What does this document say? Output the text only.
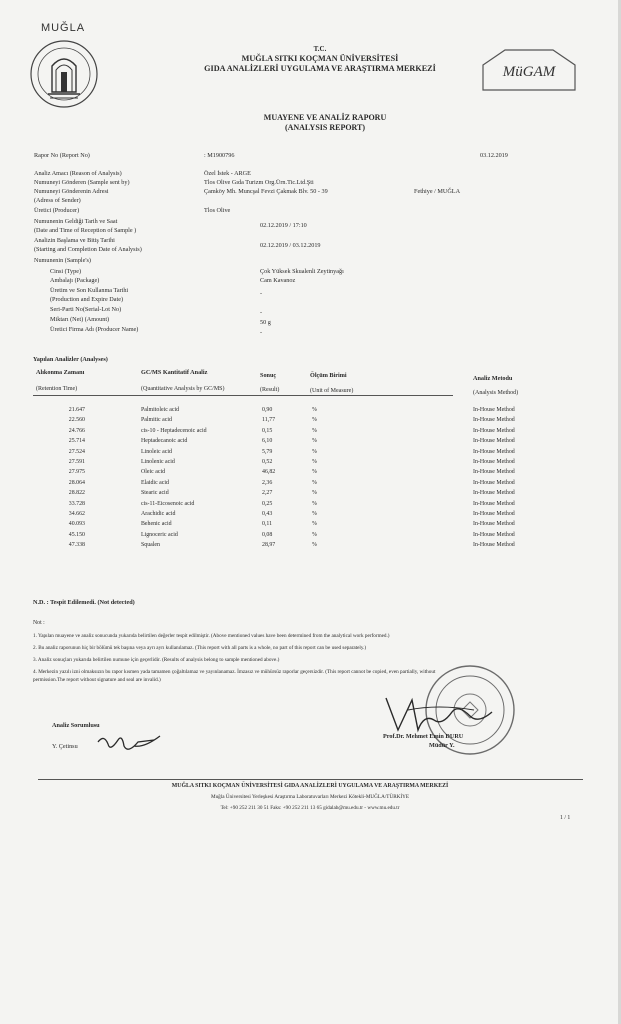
MUĞLA
MüGAM
T.C.
MUĞLA SITKI KOÇMAN ÜNİVERSİTESİ
GIDA ANALİZLERİ UYGULAMA VE ARAŞTIRMA MERKEZİ
MUAYENE VE ANALİZ RAPORU
(ANALYSIS REPORT)
Rapor No (Report No)	: M1900796	03.12.2019
Analiz Amacı (Reason of Analysis)	Özel İstek - ARGE
Numuneyi Gönderen (Sample sent by)	Tlos Olive Gıda Turizm Org.Ürn.Tic.Ltd.Şti
Numuneyi Gönderenin Adresi	Çamköy Mh. Muncşal Fevzi Çakmak Blv. 50 - 39	Fethiye / MUĞLA
(Adress of Sender)
Üretici (Producer)	Tlos Olive
Numunenin Geldiği Tarih ve Saat
02.12.2019 / 17:10
(Date and Time of Reception of Sample )
Analizin Başlama ve Bitiş Tarihi
02.12.2019 / 03.12.2019
(Starting and Completion Date of Analysis)
Numunenin (Sample's)
Cinsi (Type)	Çok Yüksek Skualenli Zeytinyağı
Ambalajı (Package)	Cam Kavanoz
Üretim ve Son Kullanma Tarihi	-
(Production and Expire Date)
Seri-Parti No(Serial-Lot No)	-
Miktarı (Net) (Amount)	50 g
Üretici Firma Adı (Producer Name)	-
Yapılan Analizler (Analyses)
Alıkonma Zamanı	GC/MS Kantitatif Analiz	Sonuç	Ölçüm Birimi	Analiz Metodu
(Retention Time)	(Quantitative Analysis by GC/MS)	(Result)	(Unit of Measure)	(Analysis Method)
21.647	Palmitoleic acid	0,90	%	In-House Method
22.560	Palmitic acid	11,77	%	In-House Method
24.766	cis-10 - Heptadecenoic acid	0,15	%	In-House Method
25.714	Heptadecanoic acid	6,10	%	In-House Method
27.524	Linoleic acid	5,79	%	In-House Method
27.591	Linolenic acid	0,52	%	In-House Method
27.975	Oleic acid	46,82	%	In-House Method
28.064	Elaidic acid	2,36	%	In-House Method
28.822	Stearic acid	2,27	%	In-House Method
33.728	cis-11-Eicosenoic acid	0,25	%	In-House Method
34.662	Arachidic acid	0,43	%	In-House Method
40.093	Behenic acid	0,11	%	In-House Method
45.150	Lignoceric acid	0,08	%	In-House Method
47.338	Squalen	28,97	%	In-House Method
N.D. : Tespit Edilemedi. (Not detected)
Not :
1. Yapılan muayene ve analiz sonucunda yukarıda belirtilen değerler tespit edilmiştir. (Above mentioned values have been determined from the analytical work performed.)
2. Bu analiz raporunun hiç bir bölümü tek başına veya ayrı ayrı kullanılamaz. (This report with all parts is a whole, no part of this report can be used separately.)
3. Analiz sonuçları yukarıda belirtilen numune için geçerlidir. (Results of analysis belong to sample mentioned above.)
4. Merkezin yazılı izni olmaksızın bu rapor kısmen yada tamamen çoğaltılamaz ve yayınlanamaz. İmzasız ve mühürsüz raporlar geçersizdir. (This report cannot be copied, even partially, without
permission.The report without signature and seal are invalid.)
Analiz Sorumlusu
Y. Çetinsu
Prof.Dr. Mehmet Emin DURU
Müdür Y.
MUĞLA SITKI KOÇMAN ÜNİVERSİTESİ GIDA ANALİZLERİ UYGULAMA VE ARAŞTIRMA MERKEZİ
Muğla Üniversitesi Yerleşkesi Araştırma Laboratuvarları Merkezi Kötekli-MUĞLA/TÜRKİYE
Tel: +90 252 211 30 51 Faks: +90 252 211 13 65 gidalab@mu.edu.tr - www.mu.edu.tr
1 / 1
